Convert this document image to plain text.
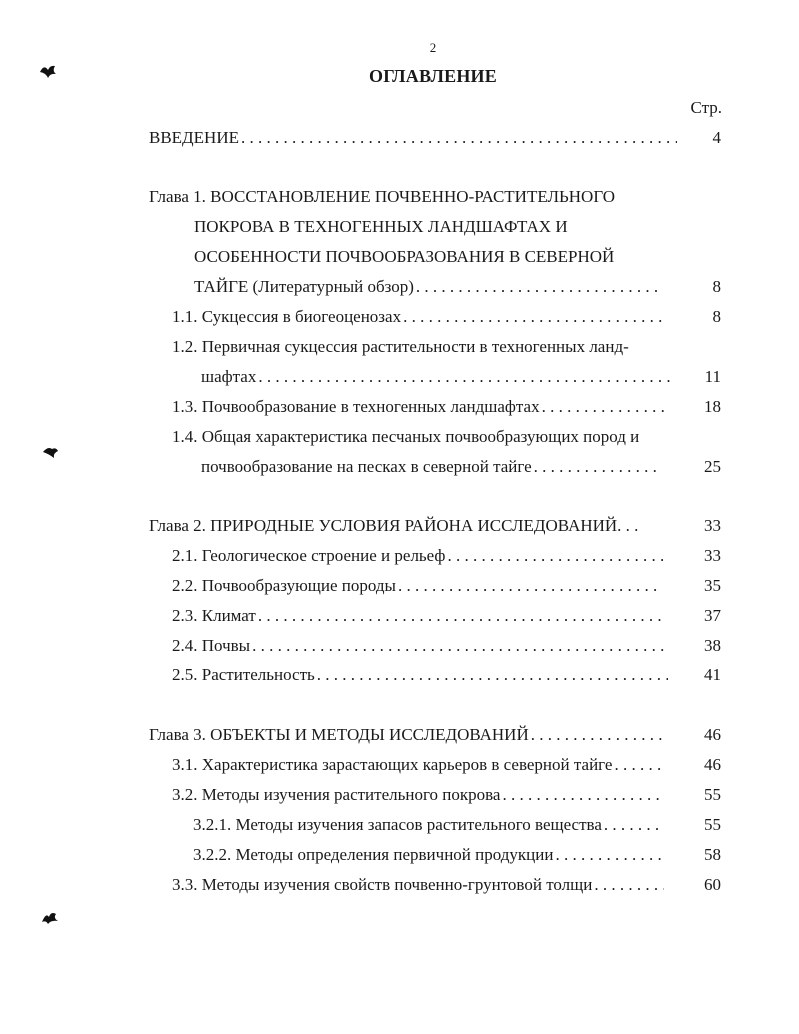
2
ОГЛАВЛЕНИЕ
Стр.
ВВЕДЕНИЕ . . .	4
Глава 1. ВОССТАНОВЛЕНИЕ ПОЧВЕННО-РАСТИТЕЛЬНОГО
ПОКРОВА В ТЕХНОГЕННЫХ ЛАНДШАФТАХ И
ОСОБЕННОСТИ ПОЧВООБРАЗОВАНИЯ В СЕВЕРНОЙ
ТАЙГЕ (Литературный обзор) . . .	8
1.1. Сукцессия в биогеоценозах . . .	8
1.2. Первичная сукцессия растительности в техногенных ланд-
шафтах . . .	11
1.3. Почвообразование в техногенных ландшафтах . . .	18
1.4. Общая характеристика песчаных почвообразующих пород и
почвообразование на песках в северной тайге . . .	25
Глава 2. ПРИРОДНЫЕ УСЛОВИЯ РАЙОНА ИССЛЕДОВАНИЙ. . .	33
2.1. Геологическое строение и рельеф . . .	33
2.2. Почвообразующие породы . . .	35
2.3. Климат . . .	37
2.4. Почвы . . .	38
2.5. Растительность . . .	41
Глава 3. ОБЪЕКТЫ И МЕТОДЫ ИССЛЕДОВАНИЙ . . .	46
3.1. Характеристика зарастающих карьеров в северной тайге . . .	46
3.2. Методы изучения растительного покрова . . .	55
3.2.1. Методы изучения запасов растительного вещества . . .	55
3.2.2. Методы определения первичной продукции . . .	58
3.3. Методы изучения свойств почвенно-грунтовой толщи . . .	60
